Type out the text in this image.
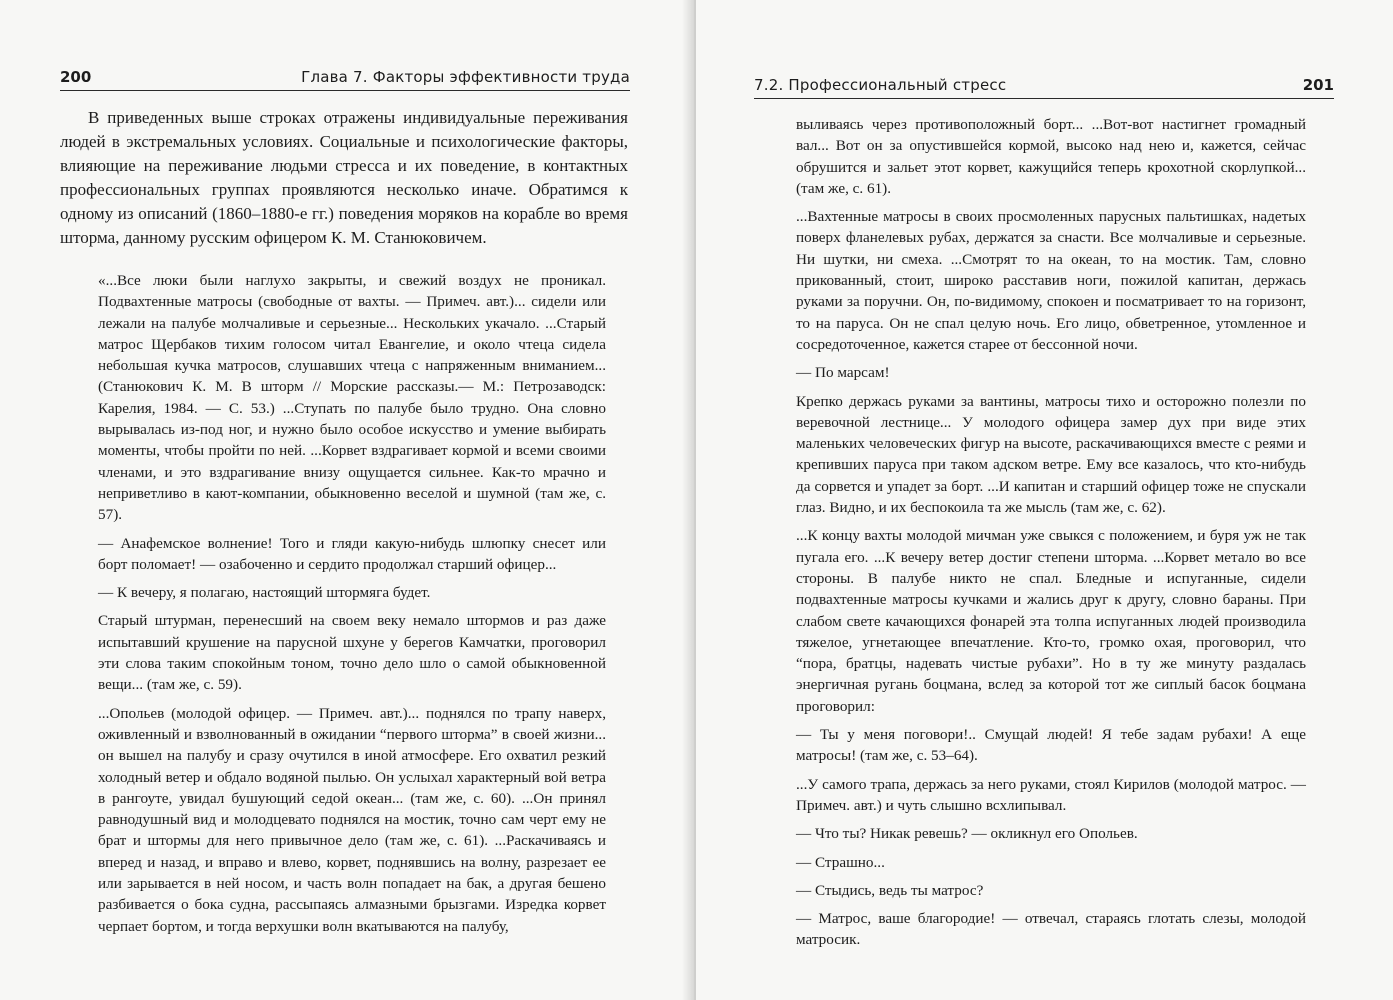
200	Глава 7. Факторы эффективности труда

В приведенных выше строках отражены индивидуальные переживания людей в экстремальных условиях. Социальные и психологические факторы, влияющие на переживание людьми стресса и их поведение, в контактных профессиональных группах проявляются несколько иначе. Обратимся к одному из описаний (1860–1880-е гг.) поведения моряков на корабле во время шторма, данному русским офицером К. М. Станюковичем.

«...Все люки были наглухо закрыты, и свежий воздух не проникал. Подвахтенные матросы (свободные от вахты. — Примеч. авт.)... сидели или лежали на палубе молчаливые и серьезные... Нескольких укачало. ...Старый матрос Щербаков тихим голосом читал Евангелие, и около чтеца сидела небольшая кучка матросов, слушавших чтеца с напряженным вниманием... (Станюкович К. М. В шторм // Морские рассказы.— М.: Петрозаводск: Карелия, 1984. — С. 53.) ...Ступать по палубе было трудно. Она словно вырывалась из-под ног, и нужно было особое искусство и умение выбирать моменты, чтобы пройти по ней. ...Корвет вздрагивает кормой и всеми своими членами, и это вздрагивание внизу ощущается сильнее. Как-то мрачно и неприветливо в кают-компании, обыкновенно веселой и шумной (там же, с. 57).

— Анафемское волнение! Того и гляди какую-нибудь шлюпку снесет или борт поломает! — озабоченно и сердито продолжал старший офицер...

— К вечеру, я полагаю, настоящий штормяга будет.

Старый штурман, перенесший на своем веку немало штормов и раз даже испытавший крушение на парусной шхуне у берегов Камчатки, проговорил эти слова таким спокойным тоном, точно дело шло о самой обыкновенной вещи... (там же, с. 59).

...Опольев (молодой офицер. — Примеч. авт.)... поднялся по трапу наверх, оживленный и взволнованный в ожидании “первого шторма” в своей жизни... он вышел на палубу и сразу очутился в иной атмосфере. Его охватил резкий холодный ветер и обдало водяной пылью. Он услыхал характерный вой ветра в рангоуте, увидал бушующий седой океан... (там же, с. 60). ...Он принял равнодушный вид и молодцевато поднялся на мостик, точно сам черт ему не брат и штормы для него привычное дело (там же, с. 61). ...Раскачиваясь и вперед и назад, и вправо и влево, корвет, поднявшись на волну, разрезает ее или зарывается в ней носом, и часть волн попадает на бак, а другая бешено разбивается о бока судна, рассыпаясь алмазными брызгами. Изредка корвет черпает бортом, и тогда верхушки волн вкатываются на палубу,

7.2. Профессиональный стресс	201

выливаясь через противоположный борт... ...Вот-вот настигнет громадный вал... Вот он за опустившейся кормой, высоко над нею и, кажется, сейчас обрушится и зальет этот корвет, кажущийся теперь крохотной скорлупкой... (там же, с. 61).

...Вахтенные матросы в своих просмоленных парусных пальтишках, надетых поверх фланелевых рубах, держатся за снасти. Все молчаливые и серьезные. Ни шутки, ни смеха. ...Смотрят то на океан, то на мостик. Там, словно прикованный, стоит, широко расставив ноги, пожилой капитан, держась руками за поручни. Он, по-видимому, спокоен и посматривает то на горизонт, то на паруса. Он не спал целую ночь. Его лицо, обветренное, утомленное и сосредоточенное, кажется старее от бессонной ночи.

— По марсам!

Крепко держась руками за вантины, матросы тихо и осторожно полезли по веревочной лестнице... У молодого офицера замер дух при виде этих маленьких человеческих фигур на высоте, раскачивающихся вместе с реями и крепивших паруса при таком адском ветре. Ему все казалось, что кто-нибудь да сорвется и упадет за борт. ...И капитан и старший офицер тоже не спускали глаз. Видно, и их беспокоила та же мысль (там же, с. 62).

...К концу вахты молодой мичман уже свыкся с положением, и буря уж не так пугала его. ...К вечеру ветер достиг степени шторма. ...Корвет метало во все стороны. В палубе никто не спал. Бледные и испуганные, сидели подвахтенные матросы кучками и жались друг к другу, словно бараны. При слабом свете качающихся фонарей эта толпа испуганных людей производила тяжелое, угнетающее впечатление. Кто-то, громко охая, проговорил, что “пора, братцы, надевать чистые рубахи”. Но в ту же минуту раздалась энергичная ругань боцмана, вслед за которой тот же сиплый басок боцмана проговорил:

— Ты у меня поговори!.. Смущай людей! Я тебе задам рубахи! А еще матросы! (там же, с. 53–64).

...У самого трапа, держась за него руками, стоял Кирилов (молодой матрос. — Примеч. авт.) и чуть слышно всхлипывал.

— Что ты? Никак ревешь? — окликнул его Опольев.

— Страшно...

— Стыдись, ведь ты матрос?

— Матрос, ваше благородие! — отвечал, стараясь глотать слезы, молодой матросик.
